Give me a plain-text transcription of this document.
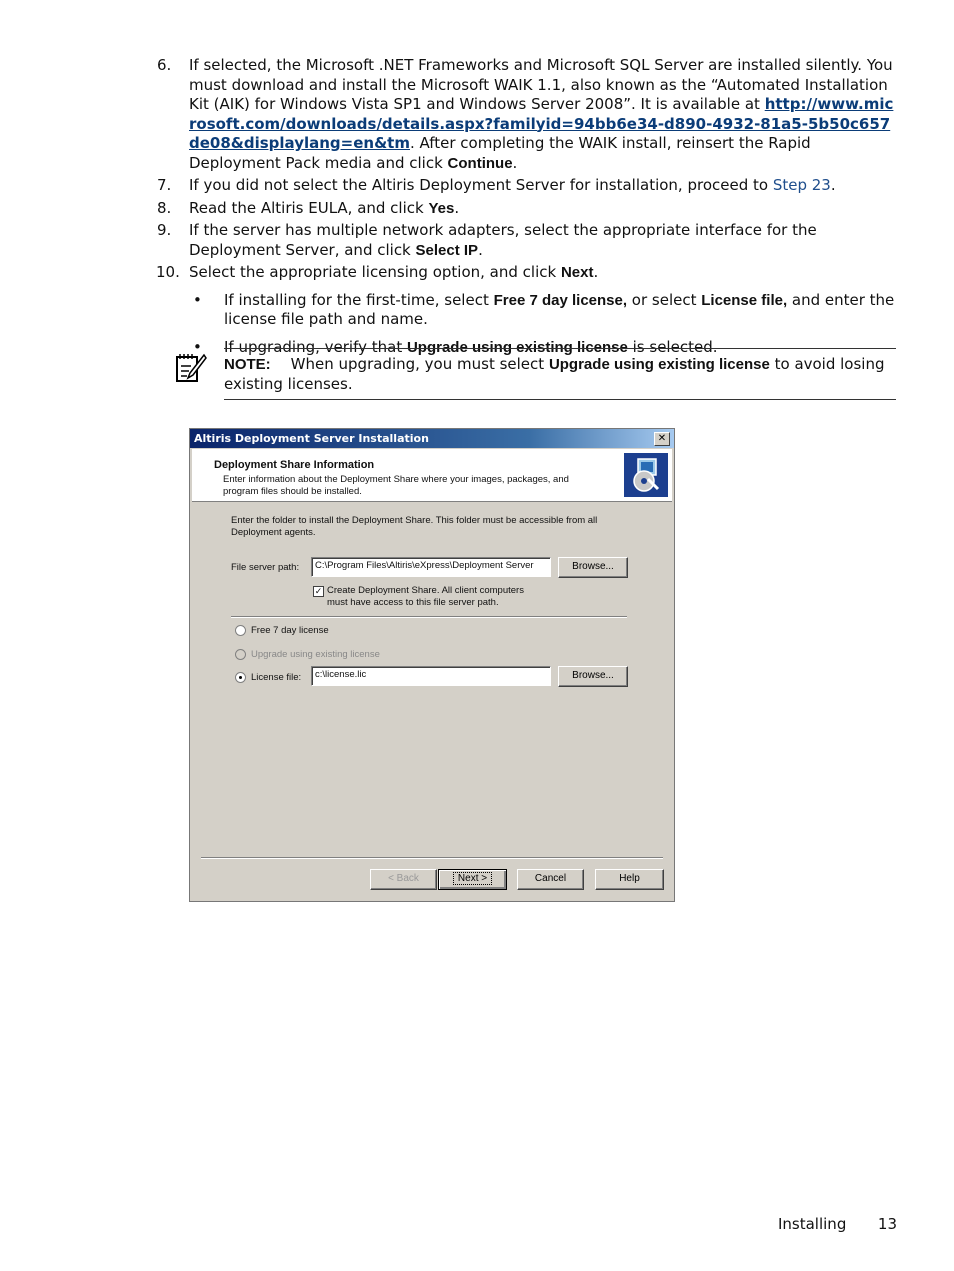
6. If selected, the Microsoft .NET Frameworks and Microsoft SQL Server are installed silently. You must download and install the Microsoft WAIK 1.1, also known as the “Automated Installation Kit (AIK) for Windows Vista SP1 and Windows Server 2008”. It is available at http://www.microsoft.com/downloads/details.aspx?familyid=94bb6e34-d890-4932-81a5-5b50c657de08&displaylang=en&tm. After completing the WAIK install, reinsert the Rapid Deployment Pack media and click Continue.
7. If you did not select the Altiris Deployment Server for installation, proceed to Step 23.
8. Read the Altiris EULA, and click Yes.
9. If the server has multiple network adapters, select the appropriate interface for the Deployment Server, and click Select IP.
10. Select the appropriate licensing option, and click Next.
• If installing for the first-time, select Free 7 day license, or select License file, and enter the license file path and name.
• If upgrading, verify that Upgrade using existing license is selected.
NOTE: When upgrading, you must select Upgrade using existing license to avoid losing existing licenses.
Altiris Deployment Server Installation	✕
Deployment Share Information
Enter information about the Deployment Share where your images, packages, and program files should be installed.
Enter the folder to install the Deployment Share. This folder must be accessible from all Deployment agents.
File server path:	C:\Program Files\Altiris\eXpress\Deployment Server	Browse...
✓ Create Deployment Share. All client computers must have access to this file server path.
Free 7 day license
Upgrade using existing license
License file:	c:\license.lic	Browse...
< Back	Next >	Cancel	Help
Installing 13
